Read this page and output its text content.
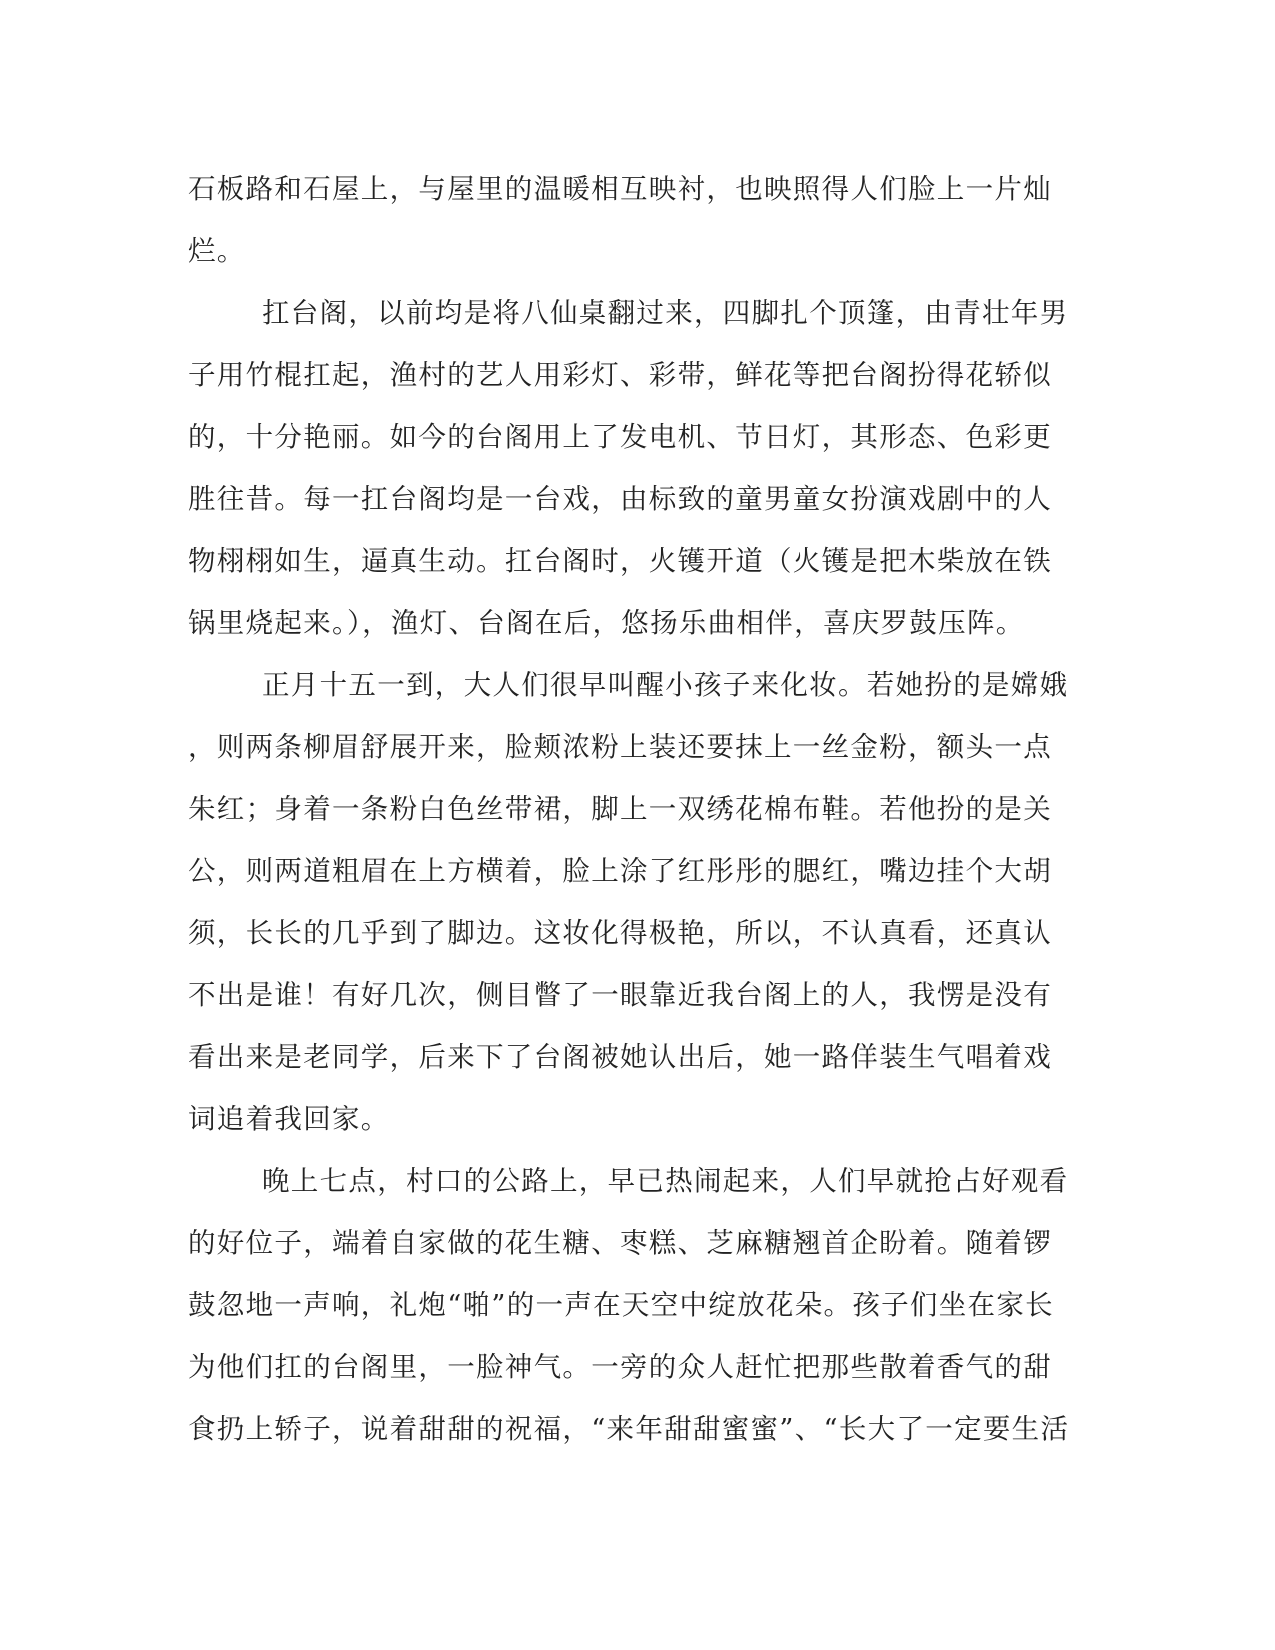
石板路和石屋上，与屋里的温暖相互映衬，也映照得人们脸上一片灿
烂。

扛台阁，以前均是将八仙桌翻过来，四脚扎个顶篷，由青壮年男
子用竹棍扛起，渔村的艺人用彩灯、彩带，鲜花等把台阁扮得花轿似
的，十分艳丽。如今的台阁用上了发电机、节日灯，其形态、色彩更
胜往昔。每一扛台阁均是一台戏，由标致的童男童女扮演戏剧中的人
物栩栩如生，逼真生动。扛台阁时，火镬开道（火镬是把木柴放在铁
锅里烧起来。），渔灯、台阁在后，悠扬乐曲相伴，喜庆罗鼓压阵。

正月十五一到，大人们很早叫醒小孩子来化妆。若她扮的是嫦娥
，则两条柳眉舒展开来，脸颊浓粉上装还要抹上一丝金粉，额头一点
朱红；身着一条粉白色丝带裙，脚上一双绣花棉布鞋。若他扮的是关
公，则两道粗眉在上方横着，脸上涂了红彤彤的腮红，嘴边挂个大胡
须，长长的几乎到了脚边。这妆化得极艳，所以，不认真看，还真认
不出是谁！有好几次，侧目瞥了一眼靠近我台阁上的人，我愣是没有
看出来是老同学，后来下了台阁被她认出后，她一路佯装生气唱着戏
词追着我回家。

晚上七点，村口的公路上，早已热闹起来，人们早就抢占好观看
的好位子，端着自家做的花生糖、枣糕、芝麻糖翘首企盼着。随着锣
鼓忽地一声响，礼炮“啪”的一声在天空中绽放花朵。孩子们坐在家长
为他们扛的台阁里，一脸神气。一旁的众人赶忙把那些散着香气的甜
食扔上轿子，说着甜甜的祝福，“来年甜甜蜜蜜”、“长大了一定要生活
